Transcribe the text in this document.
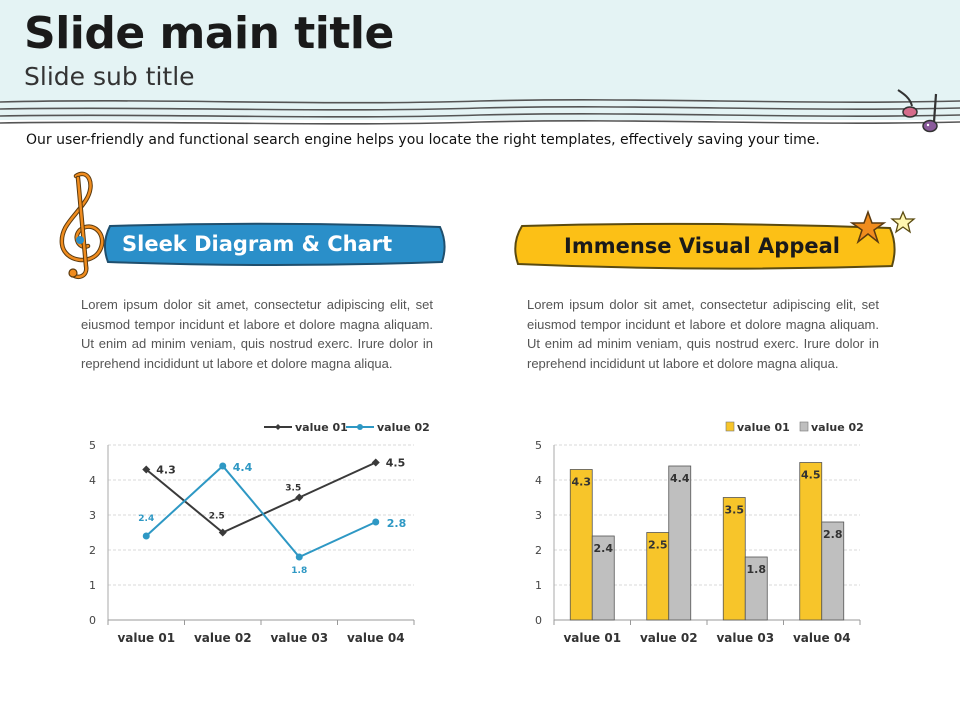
Slide main title
Slide sub title
Our user-friendly and functional search engine helps you locate the right templates, effectively saving your time.
Sleek Diagram & Chart	Immense Visual Appeal
Lorem ipsum dolor sit amet, consectetur adipiscing elit, set eiusmod tempor incidunt et labore et dolore magna aliquam. Ut enim ad minim veniam, quis nostrud exerc. Irure dolor in reprehend incididunt ut labore et dolore magna aliqua.
Lorem ipsum dolor sit amet, consectetur adipiscing elit, set eiusmod tempor incidunt et labore et dolore magna aliquam. Ut enim ad minim veniam, quis nostrud exerc. Irure dolor in reprehend incididunt ut labore et dolore magna aliqua.
0
1
2
3
4
5
value 01 value 02 value 03 value 04
value 01	value 02
4.3
2.5
3.5
4.5
2.4
4.4
1.8
2.8
0
1
2
3
4
5
value 01 value 02 value 03 value 04
value 01 value 02
4.3
2.4	2.5
4.4
3.5
1.8
4.5
2.8
